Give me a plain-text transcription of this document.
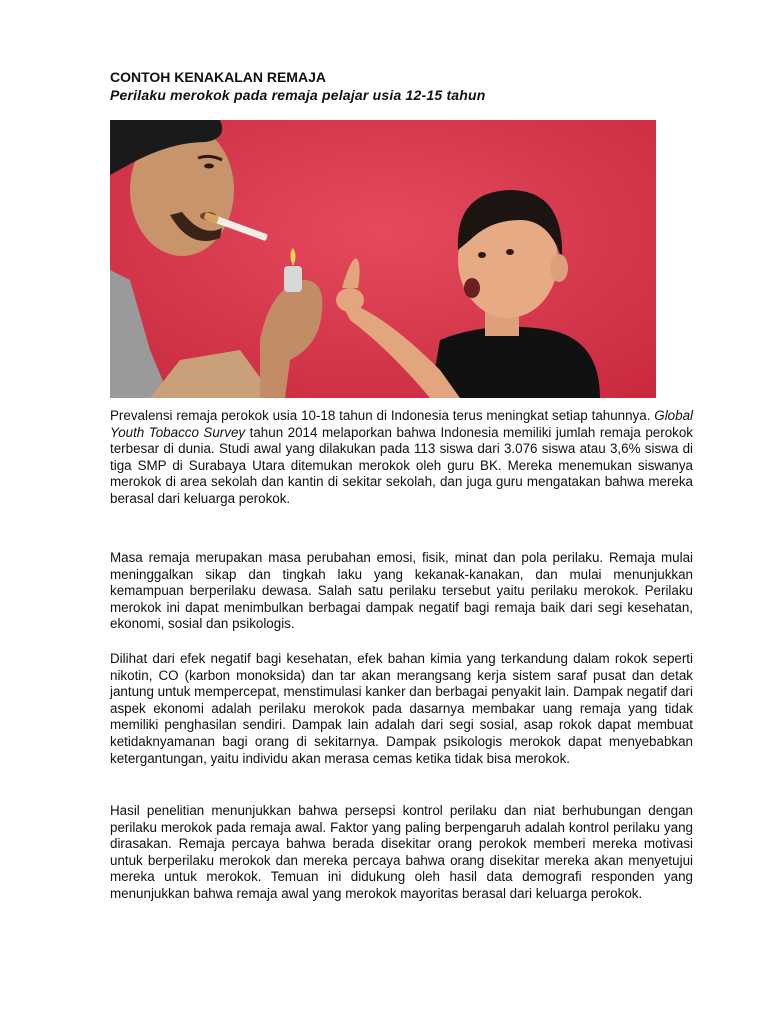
CONTOH KENAKALAN REMAJA
Perilaku merokok pada remaja pelajar usia 12-15 tahun

Prevalensi remaja perokok usia 10-18 tahun di Indonesia terus meningkat setiap tahunnya. Global Youth Tobacco Survey tahun 2014 melaporkan bahwa Indonesia memiliki jumlah remaja perokok terbesar di dunia. Studi awal yang dilakukan pada 113 siswa dari 3.076 siswa atau 3,6% siswa di tiga SMP di Surabaya Utara ditemukan merokok oleh guru BK. Mereka menemukan siswanya merokok di area sekolah dan kantin di sekitar sekolah, dan juga guru mengatakan bahwa mereka berasal dari keluarga perokok.

Masa remaja merupakan masa perubahan emosi, fisik, minat dan pola perilaku. Remaja mulai meninggalkan sikap dan tingkah laku yang kekanak-kanakan, dan mulai menunjukkan kemampuan berperilaku dewasa. Salah satu perilaku tersebut yaitu perilaku merokok. Perilaku merokok ini dapat menimbulkan berbagai dampak negatif bagi remaja baik dari segi kesehatan, ekonomi, sosial dan psikologis.

Dilihat dari efek negatif bagi kesehatan, efek bahan kimia yang terkandung dalam rokok seperti nikotin, CO (karbon monoksida) dan tar akan merangsang kerja sistem saraf pusat dan detak jantung untuk mempercepat, menstimulasi kanker dan berbagai penyakit lain. Dampak negatif dari aspek ekonomi adalah perilaku merokok pada dasarnya membakar uang remaja yang tidak memiliki penghasilan sendiri. Dampak lain adalah dari segi sosial, asap rokok dapat membuat ketidaknyamanan bagi orang di sekitarnya. Dampak psikologis merokok dapat menyebabkan ketergantungan, yaitu individu akan merasa cemas ketika tidak bisa merokok.

Hasil penelitian menunjukkan bahwa persepsi kontrol perilaku dan niat berhubungan dengan perilaku merokok pada remaja awal. Faktor yang paling berpengaruh adalah kontrol perilaku yang dirasakan. Remaja percaya bahwa berada disekitar orang perokok memberi mereka motivasi untuk berperilaku merokok dan mereka percaya bahwa orang disekitar mereka akan menyetujui mereka untuk merokok. Temuan ini didukung oleh hasil data demografi responden yang menunjukkan bahwa remaja awal yang merokok mayoritas berasal dari keluarga perokok.
